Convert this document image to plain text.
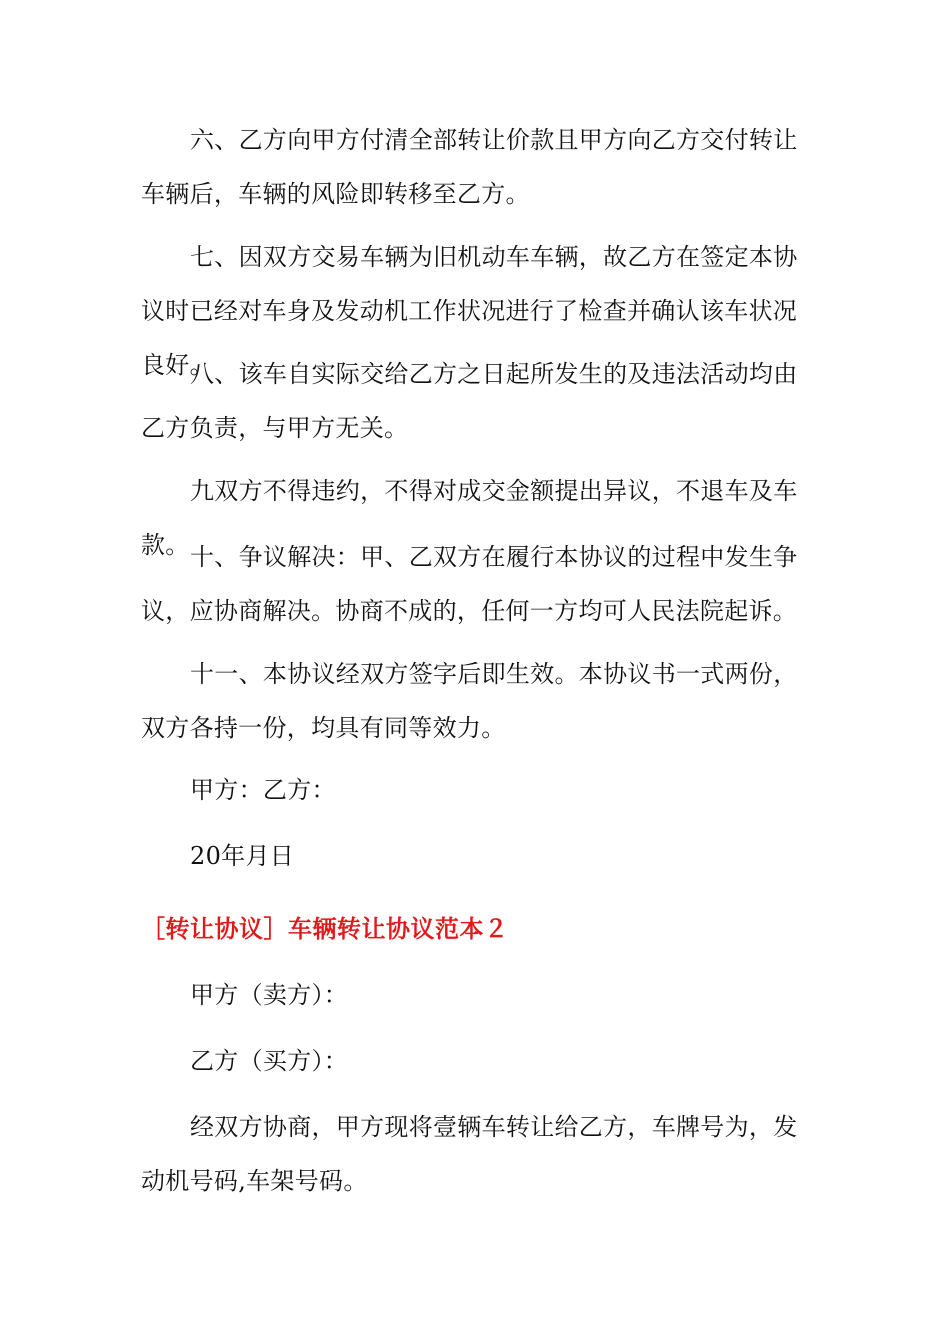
六、乙方向甲方付清全部转让价款且甲方向乙方交付转让车辆后，车辆的风险即转移至乙方。

七、因双方交易车辆为旧机动车车辆，故乙方在签定本协议时已经对车身及发动机工作状况进行了检查并确认该车状况良好。

八、该车自实际交给乙方之日起所发生的及违法活动均由乙方负责，与甲方无关。

九双方不得违约，不得对成交金额提出异议，不退车及车款。 十、争议解决：甲、乙双方在履行本协议的过程中发生争议，应协商解决。协商不成的，任何一方均可人民法院起诉。

十一、本协议经双方签字后即生效。本协议书一式两份，双方各持一份，均具有同等效力。

甲方：乙方：

20年月日

［转让协议］车辆转让协议范本２

甲方（卖方）：

乙方（买方）：

经双方协商，甲方现将壹辆车转让给乙方，车牌号为，发动机号码,车架号码。
